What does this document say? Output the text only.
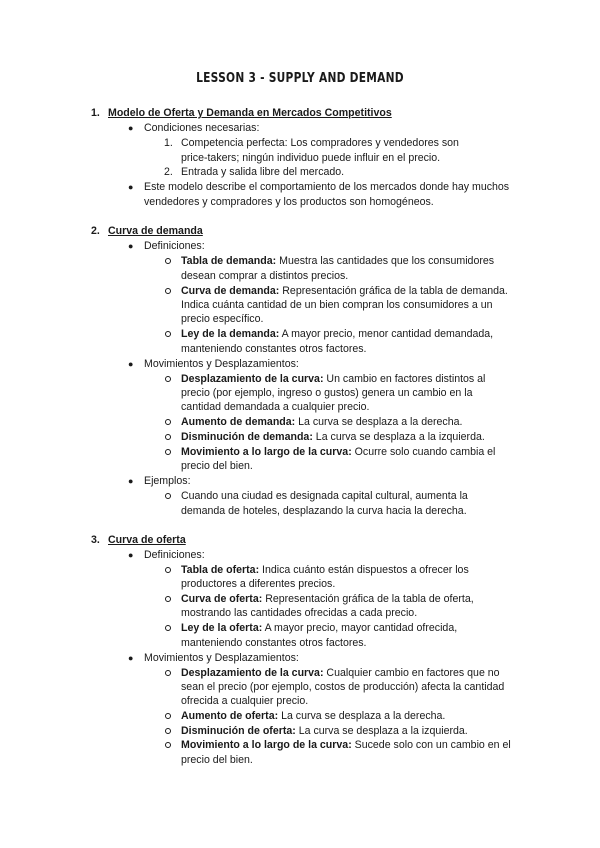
LESSON 3 - SUPPLY AND DEMAND
1. Modelo de Oferta y Demanda en Mercados Competitivos
● Condiciones necesarias:
1. Competencia perfecta: Los compradores y vendedores son
price-takers; ningún individuo puede influir en el precio.
2. Entrada y salida libre del mercado.
● Este modelo describe el comportamiento de los mercados donde hay muchos
vendedores y compradores y los productos son homogéneos.
2. Curva de demanda
● Definiciones:
Tabla de demanda: Muestra las cantidades que los consumidores
desean comprar a distintos precios.
Curva de demanda: Representación gráfica de la tabla de demanda.
Indica cuánta cantidad de un bien compran los consumidores a un
precio específico.
Ley de la demanda: A mayor precio, menor cantidad demandada,
manteniendo constantes otros factores.
● Movimientos y Desplazamientos:
Desplazamiento de la curva: Un cambio en factores distintos al
precio (por ejemplo, ingreso o gustos) genera un cambio en la
cantidad demandada a cualquier precio.
Aumento de demanda: La curva se desplaza a la derecha.
Disminución de demanda: La curva se desplaza a la izquierda.
Movimiento a lo largo de la curva: Ocurre solo cuando cambia el
precio del bien.
● Ejemplos:
Cuando una ciudad es designada capital cultural, aumenta la
demanda de hoteles, desplazando la curva hacia la derecha.
3. Curva de oferta
● Definiciones:
Tabla de oferta: Indica cuánto están dispuestos a ofrecer los
productores a diferentes precios.
Curva de oferta: Representación gráfica de la tabla de oferta,
mostrando las cantidades ofrecidas a cada precio.
Ley de la oferta: A mayor precio, mayor cantidad ofrecida,
manteniendo constantes otros factores.
● Movimientos y Desplazamientos:
Desplazamiento de la curva: Cualquier cambio en factores que no
sean el precio (por ejemplo, costos de producción) afecta la cantidad
ofrecida a cualquier precio.
Aumento de oferta: La curva se desplaza a la derecha.
Disminución de oferta: La curva se desplaza a la izquierda.
Movimiento a lo largo de la curva: Sucede solo con un cambio en el
precio del bien.
